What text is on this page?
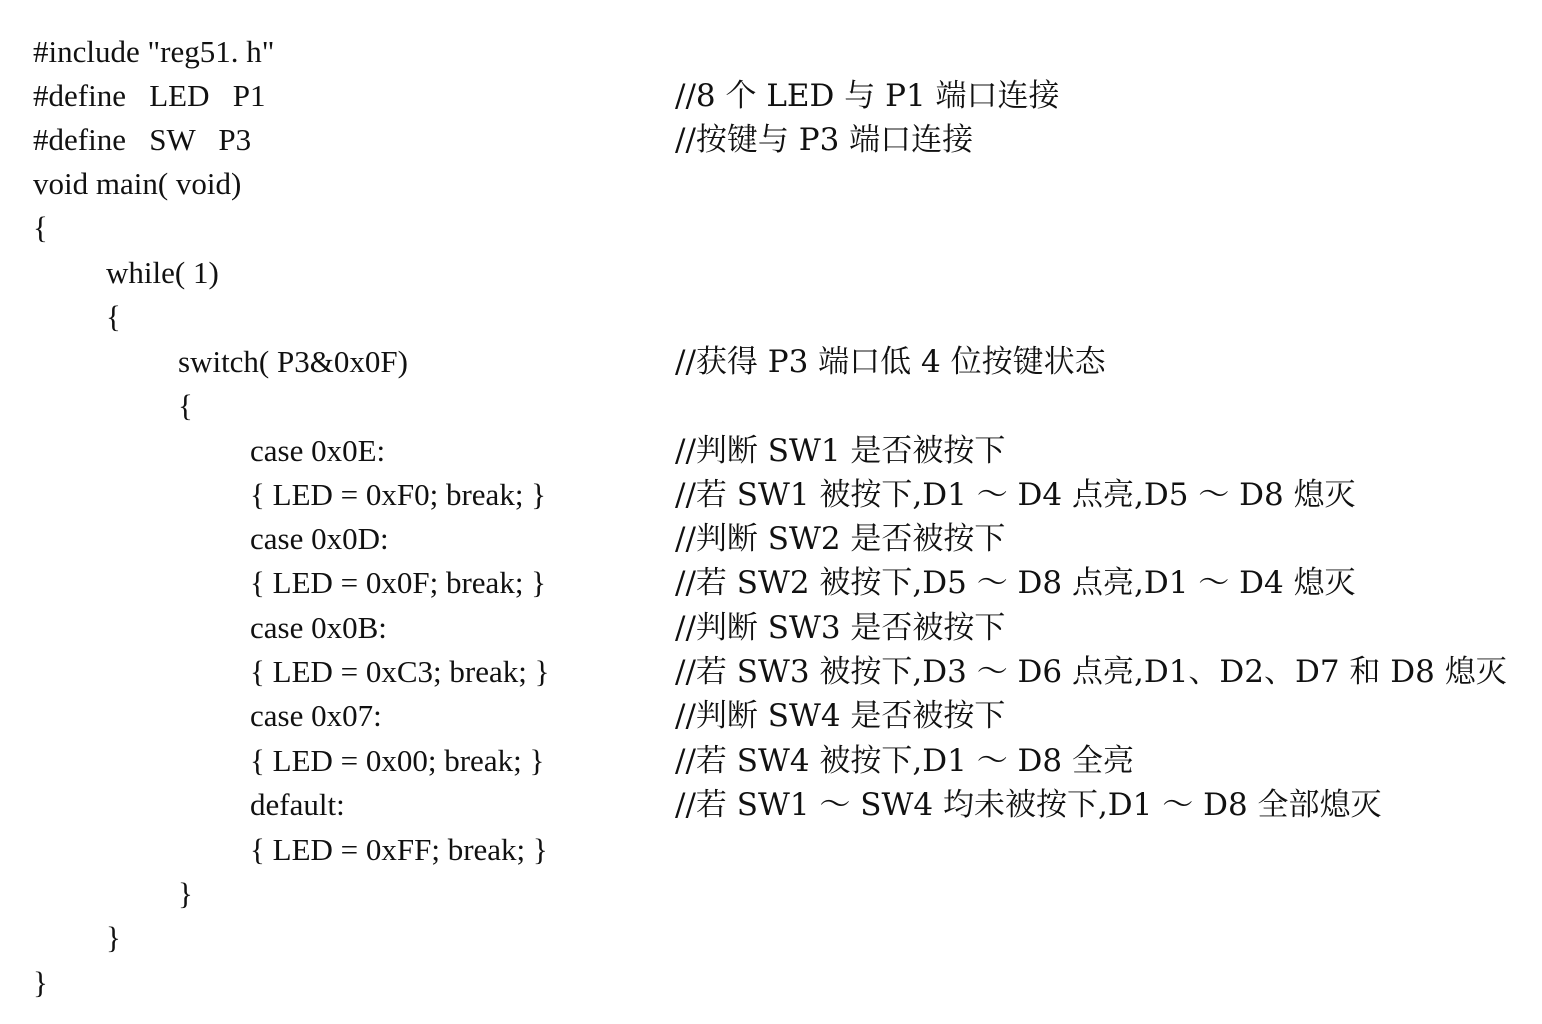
#include "reg51. h"
#define   LED   P1	//8 个 LED 与 P1 端口连接
#define   SW   P3	//按键与 P3 端口连接
void main( void)
{
while( 1)
{
switch( P3&0x0F)	//获得 P3 端口低 4 位按键状态
{
case 0x0E:	//判断 SW1 是否被按下
{ LED = 0xF0; break; }	//若 SW1 被按下,D1 ～ D4 点亮,D5 ～ D8 熄灭
case 0x0D:	//判断 SW2 是否被按下
{ LED = 0x0F; break; }	//若 SW2 被按下,D5 ～ D8 点亮,D1 ～ D4 熄灭
case 0x0B:	//判断 SW3 是否被按下
{ LED = 0xC3; break; }	//若 SW3 被按下,D3 ～ D6 点亮,D1、D2、D7 和 D8 熄灭
case 0x07:	//判断 SW4 是否被按下
{ LED = 0x00; break; }	//若 SW4 被按下,D1 ～ D8 全亮
default:	//若 SW1 ～ SW4 均未被按下,D1 ～ D8 全部熄灭
{ LED = 0xFF; break; }
}
}
}
